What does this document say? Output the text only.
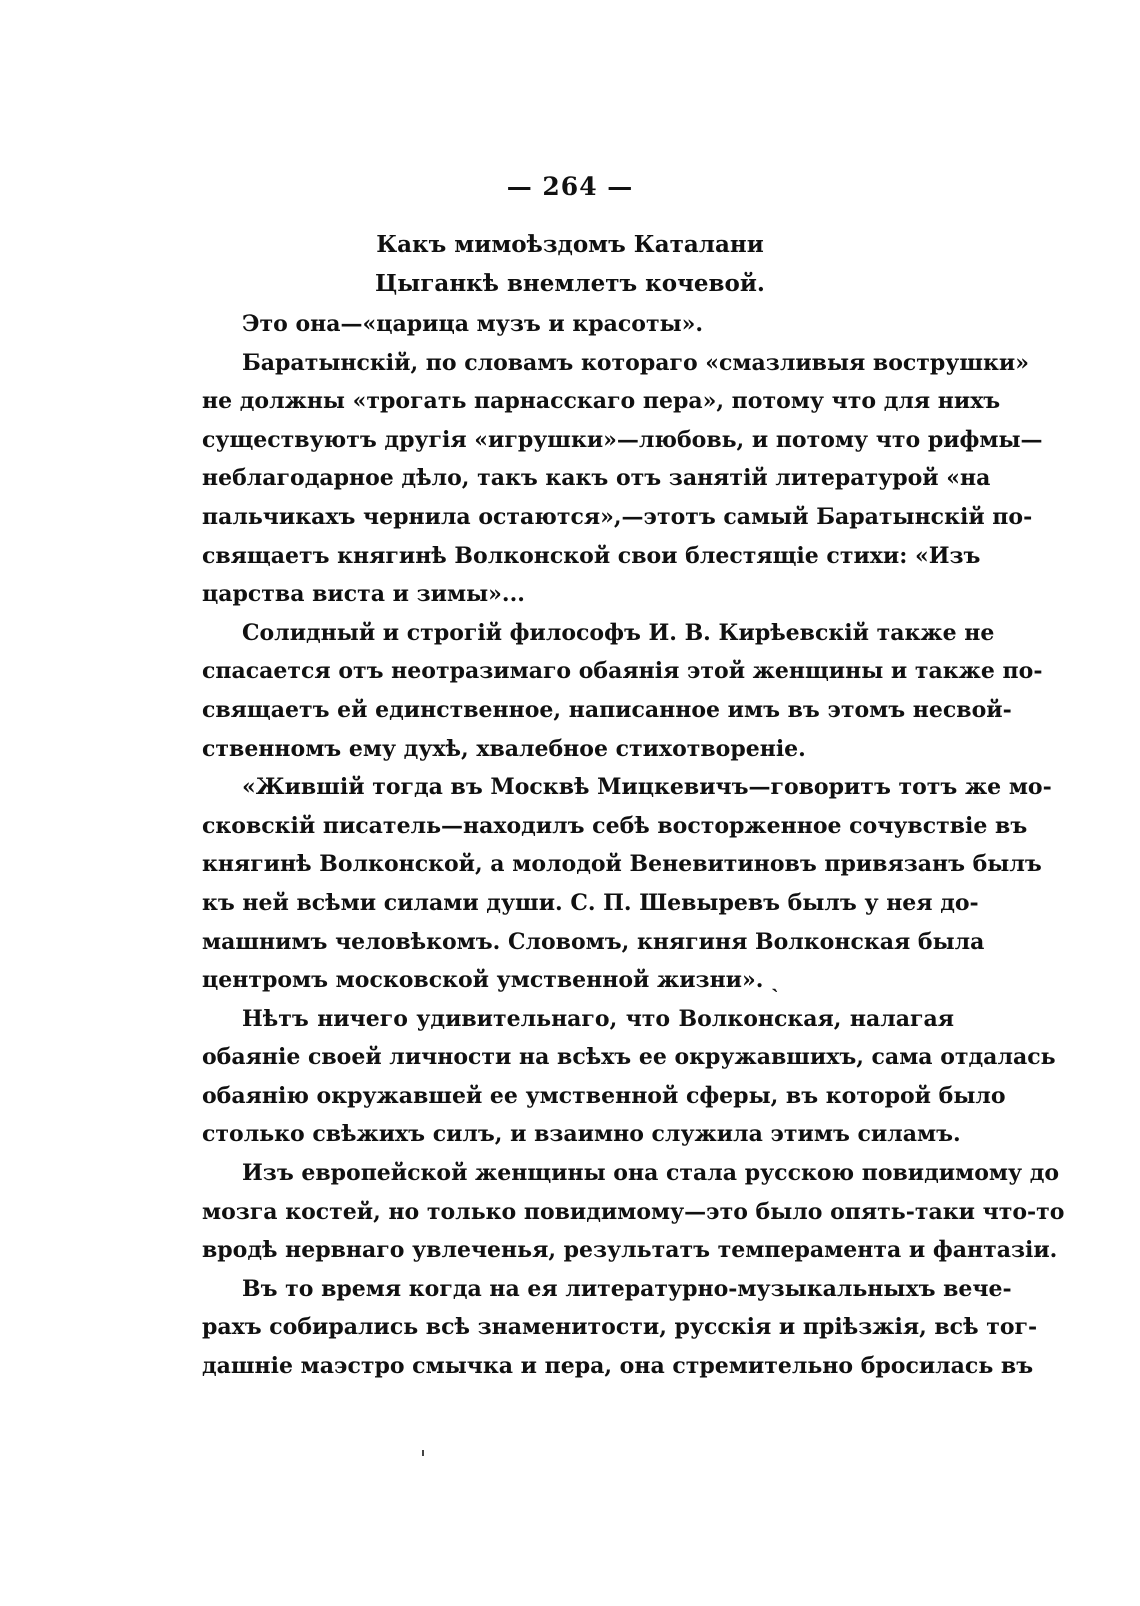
— 264 —
Какъ мимоѣздомъ Каталани
Цыганкѣ внемлетъ кочевой.
Это она—«царица музъ и красоты».
Баратынскій, по словамъ котораго «смазливыя вострушки»
не должны «трогать парнасскаго пера», потому что для нихъ
существуютъ другія «игрушки»—любовь, и потому что рифмы—
неблагодарное дѣло, такъ какъ отъ занятій литературой «на
пальчикахъ чернила остаются»,—этотъ самый Баратынскій по-
свящаетъ княгинѣ Волконской свои блестящіе стихи: «Изъ
царства виста и зимы»...
Солидный и строгій философъ И. В. Кирѣевскій также не
спасается отъ неотразимаго обаянія этой женщины и также по-
свящаетъ ей единственное, написанное имъ въ этомъ несвой-
ственномъ ему духѣ, хвалебное стихотвореніе.
«Жившій тогда въ Москвѣ Мицкевичъ—говоритъ тотъ же мо-
сковскій писатель—находилъ себѣ восторженное сочувствіе въ
княгинѣ Волконской, а молодой Веневитиновъ привязанъ былъ
къ ней всѣми силами души. С. П. Шевыревъ былъ у нея до-
машнимъ человѣкомъ. Словомъ, княгиня Волконская была
центромъ московской умственной жизни». ˎ
Нѣтъ ничего удивительнаго, что Волконская, налагая
обаяніе своей личности на всѣхъ ее окружавшихъ, сама отдалась
обаянію окружавшей ее умственной сферы, въ которой было
столько свѣжихъ силъ, и взаимно служила этимъ силамъ.
Изъ европейской женщины она стала русскою повидимому до
мозга костей, но только повидимому—это было опять-таки что-то
вродѣ нервнаго увлеченья, результатъ темперамента и фантазіи.
Въ то время когда на ея литературно-музыкальныхъ вече-
рахъ собирались всѣ знаменитости, русскія и пріѣзжія, всѣ тог-
дашніе маэстро смычка и пера, она стремительно бросилась въ
